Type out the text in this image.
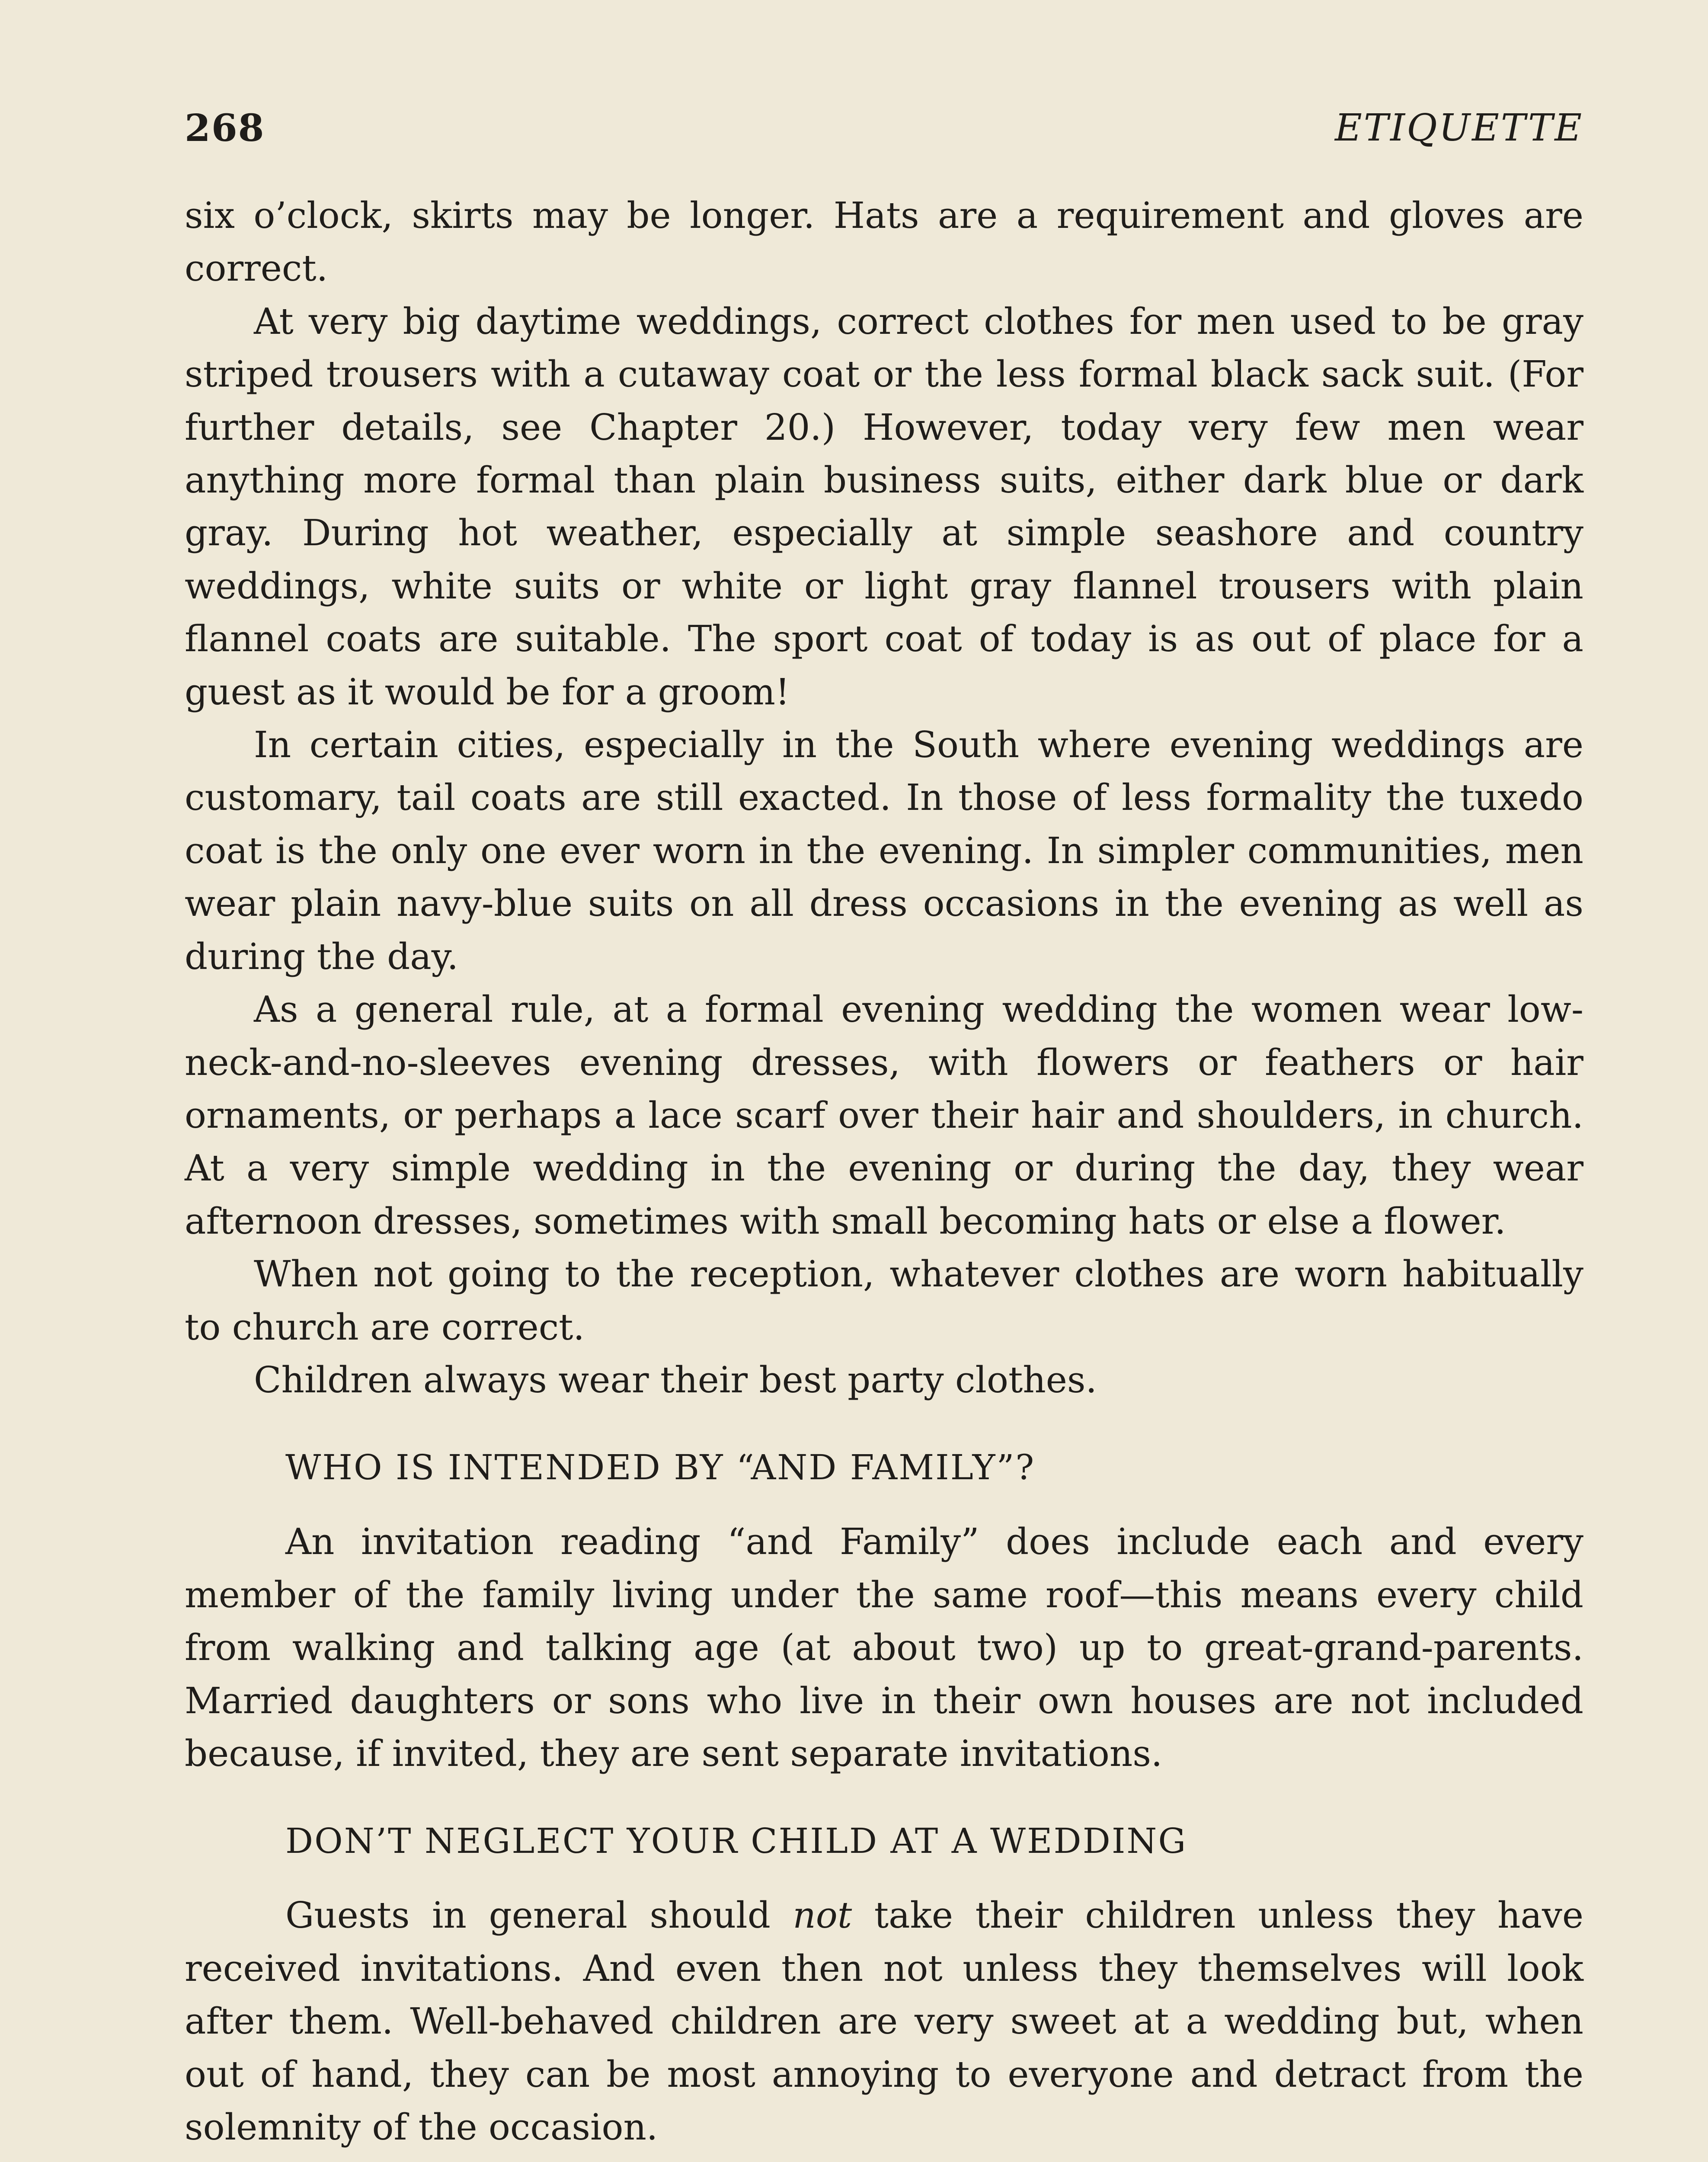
268	ETIQUETTE

six o’clock, skirts may be longer. Hats are a requirement and gloves are correct.

At very big daytime weddings, correct clothes for men used to be gray striped trousers with a cutaway coat or the less formal black sack suit. (For further details, see Chapter 20.) However, today very few men wear anything more formal than plain business suits, either dark blue or dark gray. During hot weather, especially at simple seashore and country weddings, white suits or white or light gray flannel trousers with plain flannel coats are suitable. The sport coat of today is as out of place for a guest as it would be for a groom!

In certain cities, especially in the South where evening weddings are customary, tail coats are still exacted. In those of less formality the tuxedo coat is the only one ever worn in the evening. In simpler communities, men wear plain navy-blue suits on all dress occasions in the evening as well as during the day.

As a general rule, at a formal evening wedding the women wear low-neck-and-no-sleeves evening dresses, with flowers or feathers or hair ornaments, or perhaps a lace scarf over their hair and shoulders, in church. At a very simple wedding in the evening or during the day, they wear afternoon dresses, sometimes with small becoming hats or else a flower.

When not going to the reception, whatever clothes are worn habitually to church are correct.

Children always wear their best party clothes.

WHO IS INTENDED BY “AND FAMILY”?

An invitation reading “and Family” does include each and every member of the family living under the same roof—this means every child from walking and talking age (at about two) up to great-grand-parents. Married daughters or sons who live in their own houses are not included because, if invited, they are sent separate invitations.

DON’T NEGLECT YOUR CHILD AT A WEDDING

Guests in general should not take their children unless they have received invitations. And even then not unless they themselves will look after them. Well-behaved children are very sweet at a wedding but, when out of hand, they can be most annoying to everyone and detract from the solemnity of the occasion.
